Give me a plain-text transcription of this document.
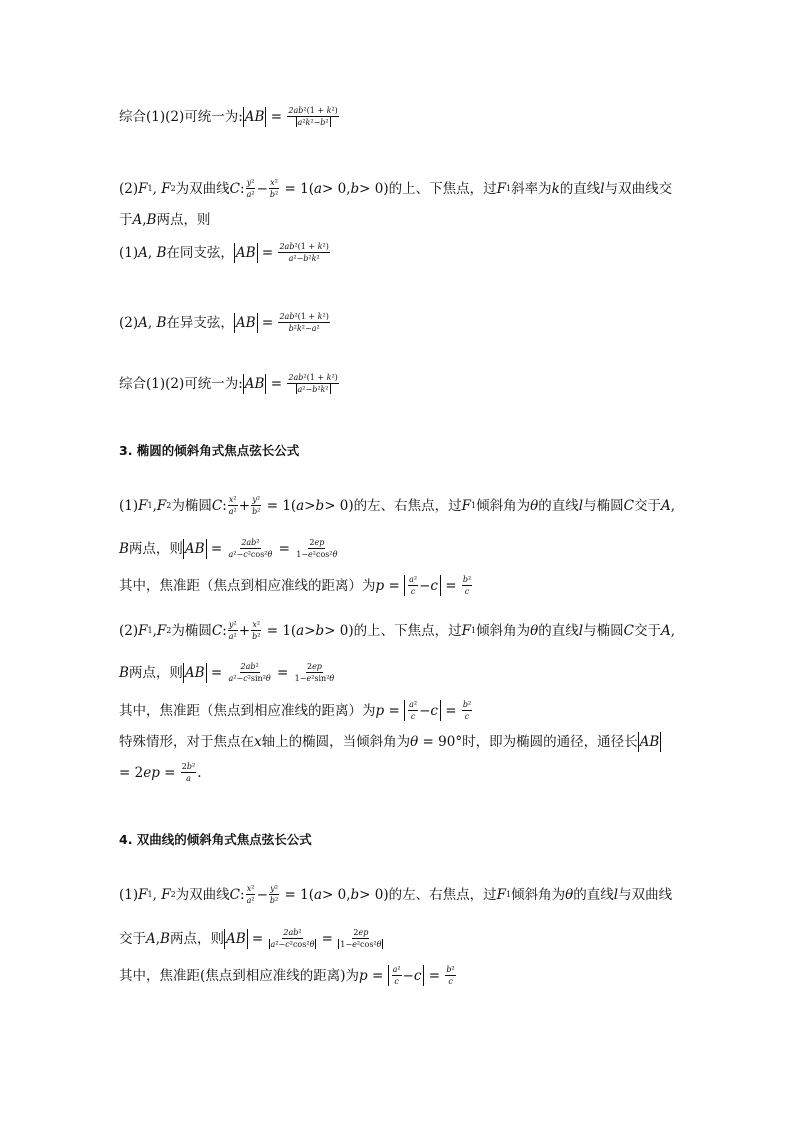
综合(1)(2)可统一为: AB = $\frac{\text{2ab²(1 + k²)}}{\text{a²k²−b²}}$
(2) F 1 , F 2 为双曲线 C : $\frac{\text{y²}}{\text{a²}} - \frac{\text{x²}}{\text{b²}} = 1$( a > 0, b > 0) 的上、下焦点，过 F 1 斜率为 k 的直线 l 与双曲线交
于 A , B 两点，则
(1) A , B 在同支弦， AB = $\frac{\text{2ab²(1 + k²)}}{\text{a²−b²k²}}$
(2) A , B 在异支弦， AB = $\frac{\text{2ab²(1 + k²)}}{\text{b²k²−a²}}$
综合(1)(2)可统一为: AB = $\frac{\text{2ab²(1 + k²)}}{\text{a²−b²k²}}$
3. 椭圆的倾斜角式焦点弦长公式
(1) F 1 , F 2 为椭圆 C : $\frac{\text{x²}}{\text{a²}} + \frac{\text{y²}}{\text{b²}} = 1$( a > b > 0) 的左、右焦点，过 F 1 倾斜角为 θ 的直线 l 与椭圆 C 交于 A ,
B 两点，则 AB = $\frac{\text{2ab²}}{\text{a²−c²cos²θ}} = \frac{2ep}{\text{1−e²cos²θ}}$
其中，焦准距（焦点到相应准线的距离）为 $p = \frac{\text{a²}}{c} - c = \frac{\text{b²}}{c}$
(2) F 1 , F 2 为椭圆 C : $\frac{\text{y²}}{\text{a²}} + \frac{\text{x²}}{\text{b²}} = 1$( a > b > 0) 的上、下焦点，过 F 1 倾斜角为 θ 的直线 l 与椭圆 C 交于 A ,
B 两点，则 AB = $\frac{\text{2ab²}}{\text{a²−c²sin²θ}} = \frac{2ep}{\text{1−e²sin²θ}}$
其中，焦准距（焦点到相应准线的距离）为 $p = \frac{\text{a²}}{c} - c = \frac{\text{b²}}{c}$
特殊情形，对于焦点在 x 轴上的椭圆，当倾斜角为 θ = 90° 时，即为椭圆的通径，通径长 AB
= 2 ep = $\frac{\text{2b²}}{a}$ .
4. 双曲线的倾斜角式焦点弦长公式
(1) F 1 , F 2 为双曲线 C : $\frac{\text{x²}}{\text{a²}} - \frac{\text{y²}}{\text{b²}} = 1$( a > 0, b > 0) 的左、右焦点，过 F 1 倾斜角为 θ 的直线 l 与双曲线
交于 A , B 两点，则 AB = $\frac{\text{2ab²}}{\text{a²−c²cos²θ}} = \frac{2ep}{\text{1−e²cos²θ}}$
其中，焦准距(焦点到相应准线的距离)为 $p = \frac{\text{a²}}{c} - c = \frac{\text{b²}}{c}$
